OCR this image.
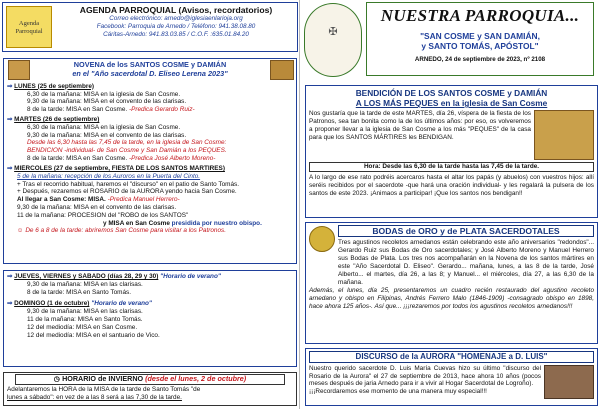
Agenda
Parroquial
AGENDA PARROQUIAL (Avisos, recordatorios)
Correo electrónico: arnedo@iglesiaenlarioja.org
Facebook: Parroquia de Arnedo / Teléfono: 941.38.08.80
Cáritas-Arnedo: 941.83.03.85 / C.O.F. :635.01.84.20
NOVENA de los SANTOS COSME y DAMIÁN
en el "Año sacerdotal D. Eliseo Lerena 2023"
⇒ LUNES (25 de septiembre)
6,30 de la mañana: MISA en la iglesia de San Cosme.
9,30 de la mañana: MISA en el convento de las clarisas.
8 de la tarde: MISA en San Cosme. -Predica Gerardo Ruiz-
⇒ MARTES (26 de septiembre)
6,30 de la mañana: MISA en la iglesia de San Cosme.
9,30 de la mañana: MISA en el convento de las clarisas.
Desde las 6,30 hasta las 7,45 de la tarde, en la iglesia de San Cosme:
BENDICIÓN -individual- de San Cosme y San Damián a los PEQUES.
8 de la tarde: MISA en San Cosme. -Predica José Alberto Moreno-
⇒ MIÉRCOLES (27 de septiembre, FIESTA DE LOS SANTOS MÁRTIRES)
5 de la mañana: recepción de los Auroros en la Puerta del Cinto.
+ Tras el recorrido habitual, haremos el "discurso" en el patio de Santo Tomás.
+ Después, rezaremos el ROSARIO de la AURORA yendo hacia San Cosme.
Al llegar a San Cosme: MISA. -Predica Manuel Herrero-
9,30 de la mañana: MISA en el convento de las clarisas.
11 de la mañana: PROCESIÓN del "ROBO de los SANTOS"
y MISA en San Cosme presidida por nuestro obispo.
☺ De 6 a 8 de la tarde: abriremos San Cosme para visitar a los Patronos.
⇒ JUEVES, VIERNES y SÁBADO (días 28, 29 y 30) "Horario de verano"
9,30 de la mañana: MISA en las clarisas.
8 de la tarde: MISA en Santo Tomás.
⇒ DOMINGO (1 de octubre) "Horario de verano"
9,30 de la mañana: MISA en las clarisas.
11 de la mañana: MISA en Santo Tomás.
12 del mediodía: MISA en San Cosme.
12 del mediodía: MISA en el santuario de Vico.
◷ HORARIO de INVIERNO (desde el lunes, 2 de octubre)
Adelantaremos la HORA de la MISA de la tarde de Santo Tomás "de
lunes a sábado": en vez de a las 8 será a las 7,30 de la tarde.
✠
NUESTRA PARROQUIA...
"SAN COSME y SAN DAMIÁN,
y SANTO TOMÁS, APÓSTOL"
ARNEDO, 24 de septiembre de 2023, nº 2108
BENDICIÓN DE LOS SANTOS COSME y DAMIÁN
A LOS MÁS PEQUES en la iglesia de San Cosme
Nos gustaría que la tarde de este MARTES, día 26, víspera de la fiesta de los Patronos, sea tan bonita como la de los últimos años: por eso, os volveremos a proponer llevar a la iglesia de San Cosme a los más "PEQUES" de la casa para que los SANTOS MÁRTIRES les BENDIGAN.
Hora: Desde las 6,30 de la tarde hasta las 7,45 de la tarde.
A lo largo de ese rato podréis acercaros hasta el altar los papás (y abuelos) con vuestros hijos: allí seréis recibidos por el sacerdote -que hará una oración individual- y les regalará la pulsera de los santos de este 2023. ¡Animaos a participar! ¡Que los santos nos bendigan!!
BODAS de ORO y de PLATA SACERDOTALES
Tres agustinos recoletos arnedanos están celebrando este año aniversarios "redondos"... Gerardo Ruiz sus Bodas de Oro sacerdotales; y José Alberto Moreno y Manuel Herrero sus Bodas de Plata. Los tres nos acompañarán en la Novena de los santos mártires en este "Año Sacerdotal D. Eliseo". Gerardo... mañana, lunes, a las 8 de la tarde, José Alberto... el martes, día 26, a las 8; y Manuel... el miércoles, día 27, a las 6,30 de la mañana.
Además, el lunes, día 25, presentaremos un cuadro recién restaurado del agustino recoleto arnedano y obispo en Filipinas, Andrés Ferrero Malo (1846-1909) -consagrado obispo en 1898, hace ahora 125 años-. Así que... ¡¡¡rezaremos por todos los agustinos recoletos arnedanos!!!
DISCURSO de la AURORA "HOMENAJE a D. LUIS"
Nuestro querido sacerdote D. Luis María Cuevas hizo su último "discurso del Rosario de la Aurora" el 27 de septiembre de 2013, hace ahora 10 años (pocos meses después de jaria Arnedo para ir a vivir al Hogar Sacerdotal de Logroño).
¡¡¡Recordaremos ese momento de una manera muy especial!!!
